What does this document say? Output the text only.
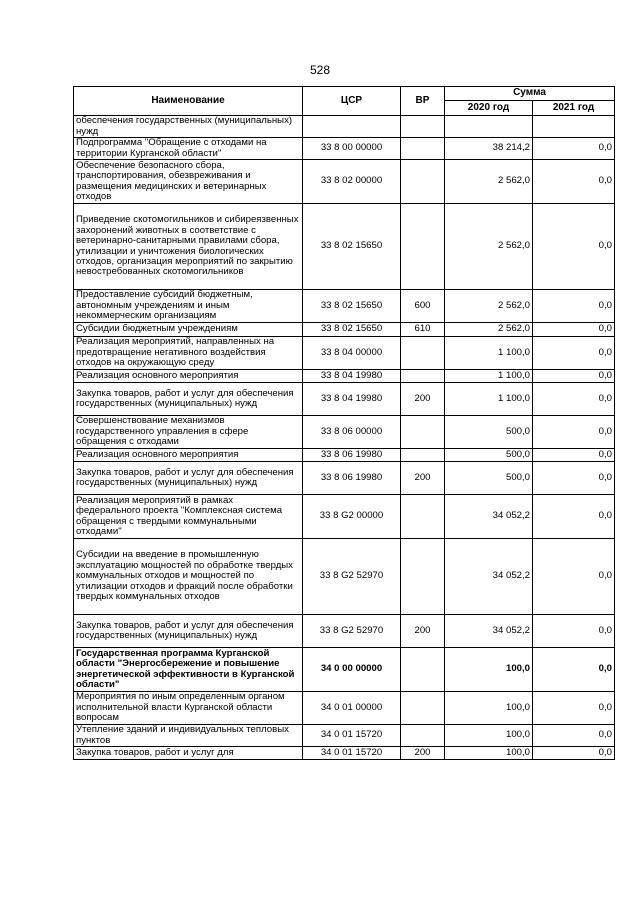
528
Наименование	ЦСР	ВР	Сумма	
			2020 год	2021 год
обеспечения государственных (муниципальных) нужд				
Подпрограмма "Обращение с отходами на территории Курганской области"	33 8 00 00000		38 214,2	0,0
Обеспечение безопасного сбора, транспортирования, обезвреживания и размещения медицинских и ветеринарных отходов	33 8 02 00000		2 562,0	0,0
Приведение скотомогильников и сибиреязвенных захоронений животных в соответствие с ветеринарно-санитарными правилами сбора, утилизации и уничтожения биологических отходов, организация мероприятий по закрытию невостребованных скотомогильников	33 8 02 15650		2 562,0	0,0
Предоставление субсидий бюджетным, автономным учреждениям и иным некоммерческим организациям	33 8 02 15650	600	2 562,0	0,0
Субсидии бюджетным учреждениям	33 8 02 15650	610	2 562,0	0,0
Реализация мероприятий, направленных на предотвращение негативного воздействия отходов на окружающую среду	33 8 04 00000		1 100,0	0,0
Реализация основного мероприятия	33 8 04 19980		1 100,0	0,0
Закупка товаров, работ и услуг для обеспечения государственных (муниципальных) нужд	33 8 04 19980	200	1 100,0	0,0
Совершенствование механизмов государственного управления в сфере обращения с отходами	33 8 06 00000		500,0	0,0
Реализация основного мероприятия	33 8 06 19980		500,0	0,0
Закупка товаров, работ и услуг для обеспечения государственных (муниципальных) нужд	33 8 06 19980	200	500,0	0,0
Реализация мероприятий в рамках федерального проекта "Комплексная система обращения с твердыми коммунальными отходами"	33 8 G2 00000		34 052,2	0,0
Субсидии на введение в промышленную эксплуатацию мощностей по обработке твердых коммунальных отходов и мощностей по утилизации отходов и фракций после обработки твердых коммунальных отходов	33 8 G2 52970		34 052,2	0,0
Закупка товаров, работ и услуг для обеспечения государственных (муниципальных) нужд	33 8 G2 52970	200	34 052,2	0,0
Государственная программа Курганской области "Энергосбережение и повышение энергетической эффективности в Курганской области"	34 0 00 00000		100,0	0,0
Мероприятия по иным определенным органом исполнительной власти Курганской области вопросам	34 0 01 00000		100,0	0,0
Утепление зданий и индивидуальных тепловых пунктов	34 0 01 15720		100,0	0,0
Закупка товаров, работ и услуг для	34 0 01 15720	200	100,0	0,0
